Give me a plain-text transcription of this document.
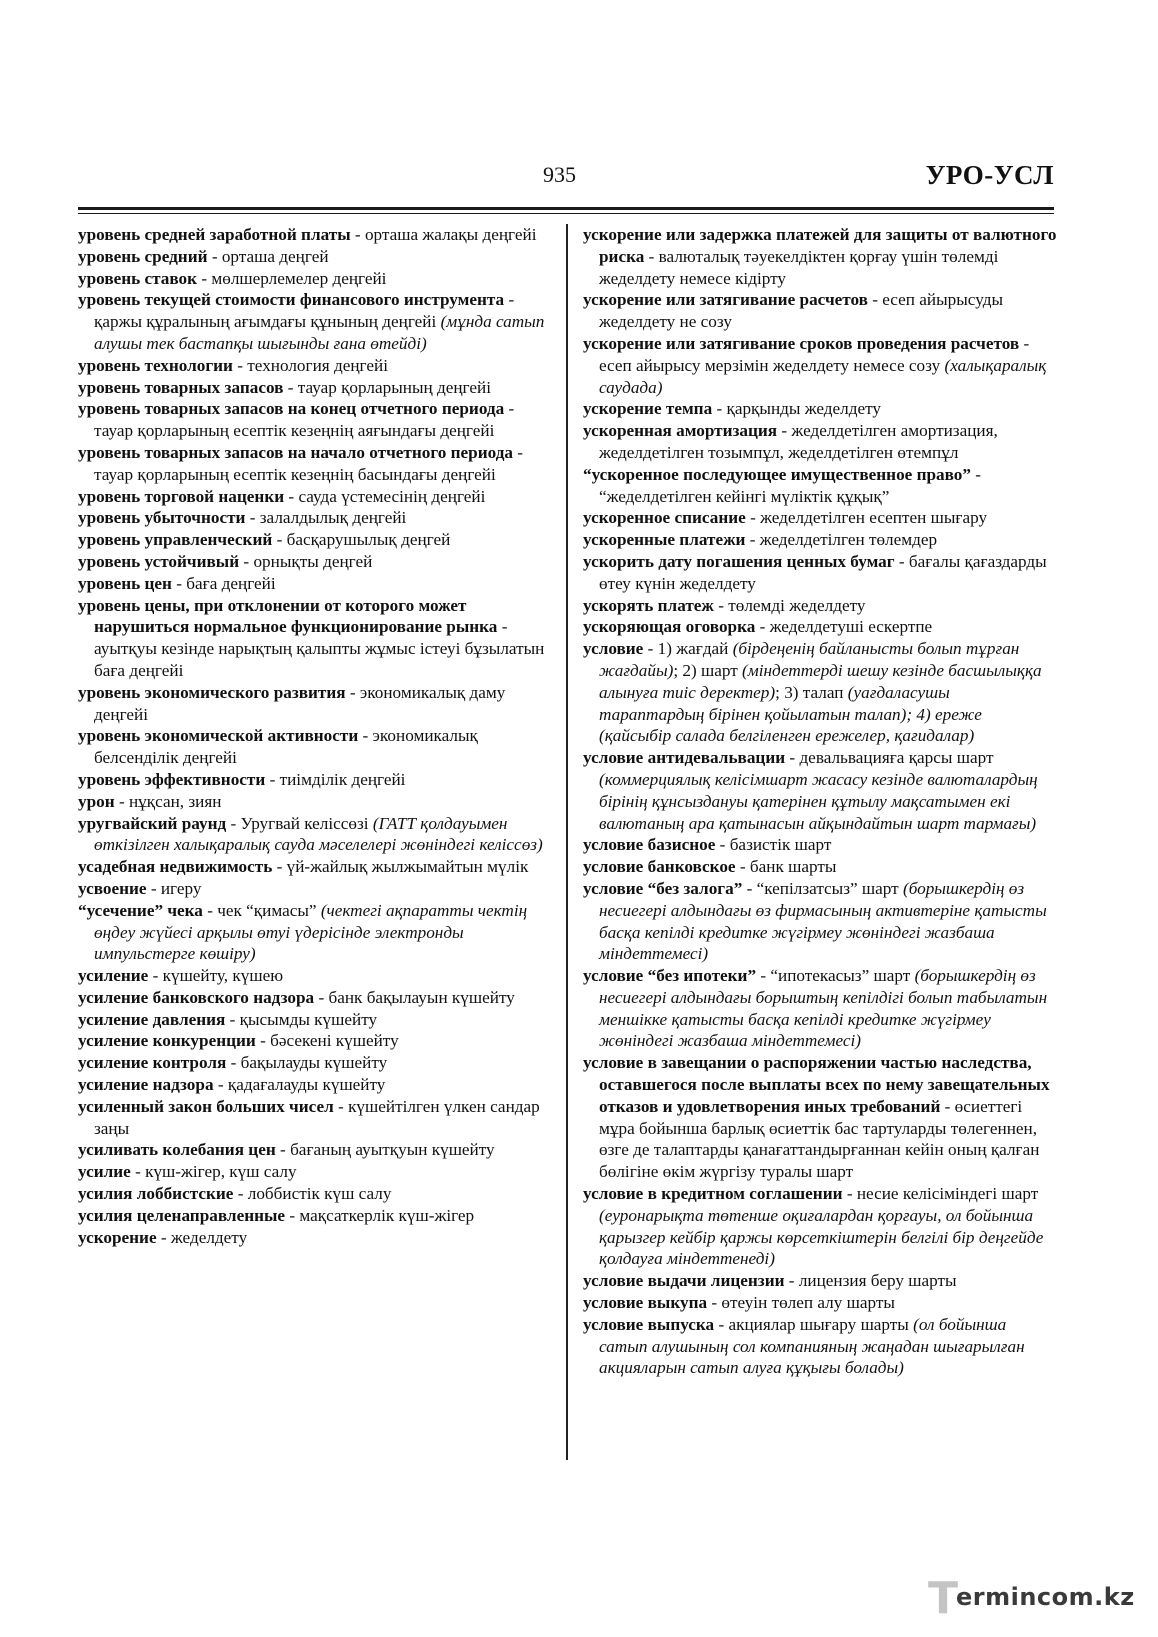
935	УРО-УСЛ

уровень средней заработной платы - орташа жалақы деңгейі

уровень средний - орташа деңгей

уровень ставок - мөлшерлемелер деңгейі

уровень текущей стоимости финансового инструмента - қаржы құралының ағымдағы құнының деңгейі (мұнда сатып алушы тек бастапқы шығынды ғана өтейді)

уровень технологии - технология деңгейі

уровень товарных запасов - тауар қорларының деңгейі

уровень товарных запасов на конец отчетного периода - тауар қорларының есептік кезеңнің аяғындағы деңгейі

уровень товарных запасов на начало отчетного периода - тауар қорларының есептік кезеңнің басындағы деңгейі

уровень торговой наценки - сауда үстемесінің деңгейі

уровень убыточности - залалдылық деңгейі

уровень управленческий - басқарушылық деңгей

уровень устойчивый - орнықты деңгей

уровень цен - баға деңгейі

уровень цены, при отклонении от которого может нарушиться нормальное функционирование рынка - ауытқуы кезінде нарықтың қалыпты жұмыс істеуі бұзылатын баға деңгейі

уровень экономического развития - экономикалық даму деңгейі

уровень экономической активности - экономикалық белсенділік деңгейі

уровень эффективности - тиімділік деңгейі

урон - нұқсан, зиян

уругвайский раунд - Уругвай келіссөзі (ГАТТ қолдауымен өткізілген халықаралық сауда мәселелері жөніндегі келіссөз)

усадебная недвижимость - үй-жайлық жылжымайтын мүлік

усвоение - игеру

“усечение” чека - чек “қимасы” (чектегі ақпаратты чектің өңдеу жүйесі арқылы өтуі үдерісінде электронды импульстерге көшіру)

усиление - күшейту, күшею

усиление банковского надзора - банк бақылауын күшейту

усиление давления - қысымды күшейту

усиление конкуренции - бәсекені күшейту

усиление контроля - бақылауды күшейту

усиление надзора - қадағалауды күшейту

усиленный закон больших чисел - күшейтілген үлкен сандар заңы

усиливать колебания цен - бағаның ауытқуын күшейту

усилие - күш-жігер, күш салу

усилия лоббистские - лоббистік күш салу

усилия целенаправленные - мақсаткерлік күш-жігер

ускорение - жеделдету

ускорение или задержка платежей для защиты от валютного риска - валюталық тәуекелдіктен қорғау үшін төлемді жеделдету немесе кідірту

ускорение или затягивание расчетов - есеп айырысуды жеделдету не созу

ускорение или затягивание сроков проведения расчетов - есеп айырысу мерзімін жеделдету немесе созу (халықаралық саудада)

ускорение темпа - қарқынды жеделдету

ускоренная амортизация - жеделдетілген амортизация, жеделдетілген тозымпұл, жеделдетілген өтемпұл

“ускоренное последующее имущественное право” - “жеделдетілген кейінгі мүліктік құқық”

ускоренное списание - жеделдетілген есептен шығару

ускоренные платежи - жеделдетілген төлемдер

ускорить дату погашения ценных бумаг - бағалы қағаздарды өтеу күнін жеделдету

ускорять платеж - төлемді жеделдету

ускоряющая оговорка - жеделдетуші ескертпе

условие - 1) жағдай (бірдеңенің байланысты болып тұрған жағдайы); 2) шарт (міндеттерді шешу кезінде басшылыққа алынуға тиіс деректер); 3) талап (уағдаласушы тараптардың бірінен қойылатын талап); 4) ереже (қайсыбір салада белгіленген ережелер, қағидалар)

условие антидевальвации - девальвацияға қарсы шарт (коммерциялық келісімшарт жасасу кезінде валюталардың бірінің құнсыздануы қатерінен құтылу мақсатымен екі валютаның ара қатынасын айқындайтын шарт тармағы)

условие базисное - базистік шарт

условие банковское - банк шарты

условие “без залога” - “кепілзатсыз” шарт (борышкердің өз несиегері алдындағы өз фирмасының активтеріне қатысты басқа кепілді кредитке жүгірмеу жөніндегі жазбаша міндеттемесі)

условие “без ипотеки” - “ипотекасыз” шарт (борышкердің өз несиегері алдындағы борыштың кепілдігі болып табылатын меншікке қатысты басқа кепілді кредитке жүгірмеу жөніндегі жазбаша міндеттемесі)

условие в завещании о распоряжении частью наследства, оставшегося после выплаты всех по нему завещательных отказов и удовлетворения иных требований - өсиеттегі мұра бойынша барлық өсиеттік бас тартуларды төлегеннен, өзге де талаптарды қанағаттандырғаннан кейін оның қалған бөлігіне өкім жүргізу туралы шарт

условие в кредитном соглашении - несие келісіміндегі шарт (еуронарықта төтенше оқиғалардан қорғауы, ол бойынша қарызгер кейбір қаржы көрсеткіштерін белгілі бір деңгейде қолдауға міндеттенеді)

условие выдачи лицензии - лицензия беру шарты

условие выкупа - өтеуін төлеп алу шарты

условие выпуска - акциялар шығару шарты (ол бойынша сатып алушының сол компанияның жаңадан шығарылған акцияларын сатып алуға құқығы болады)

T
ermincom.kz
